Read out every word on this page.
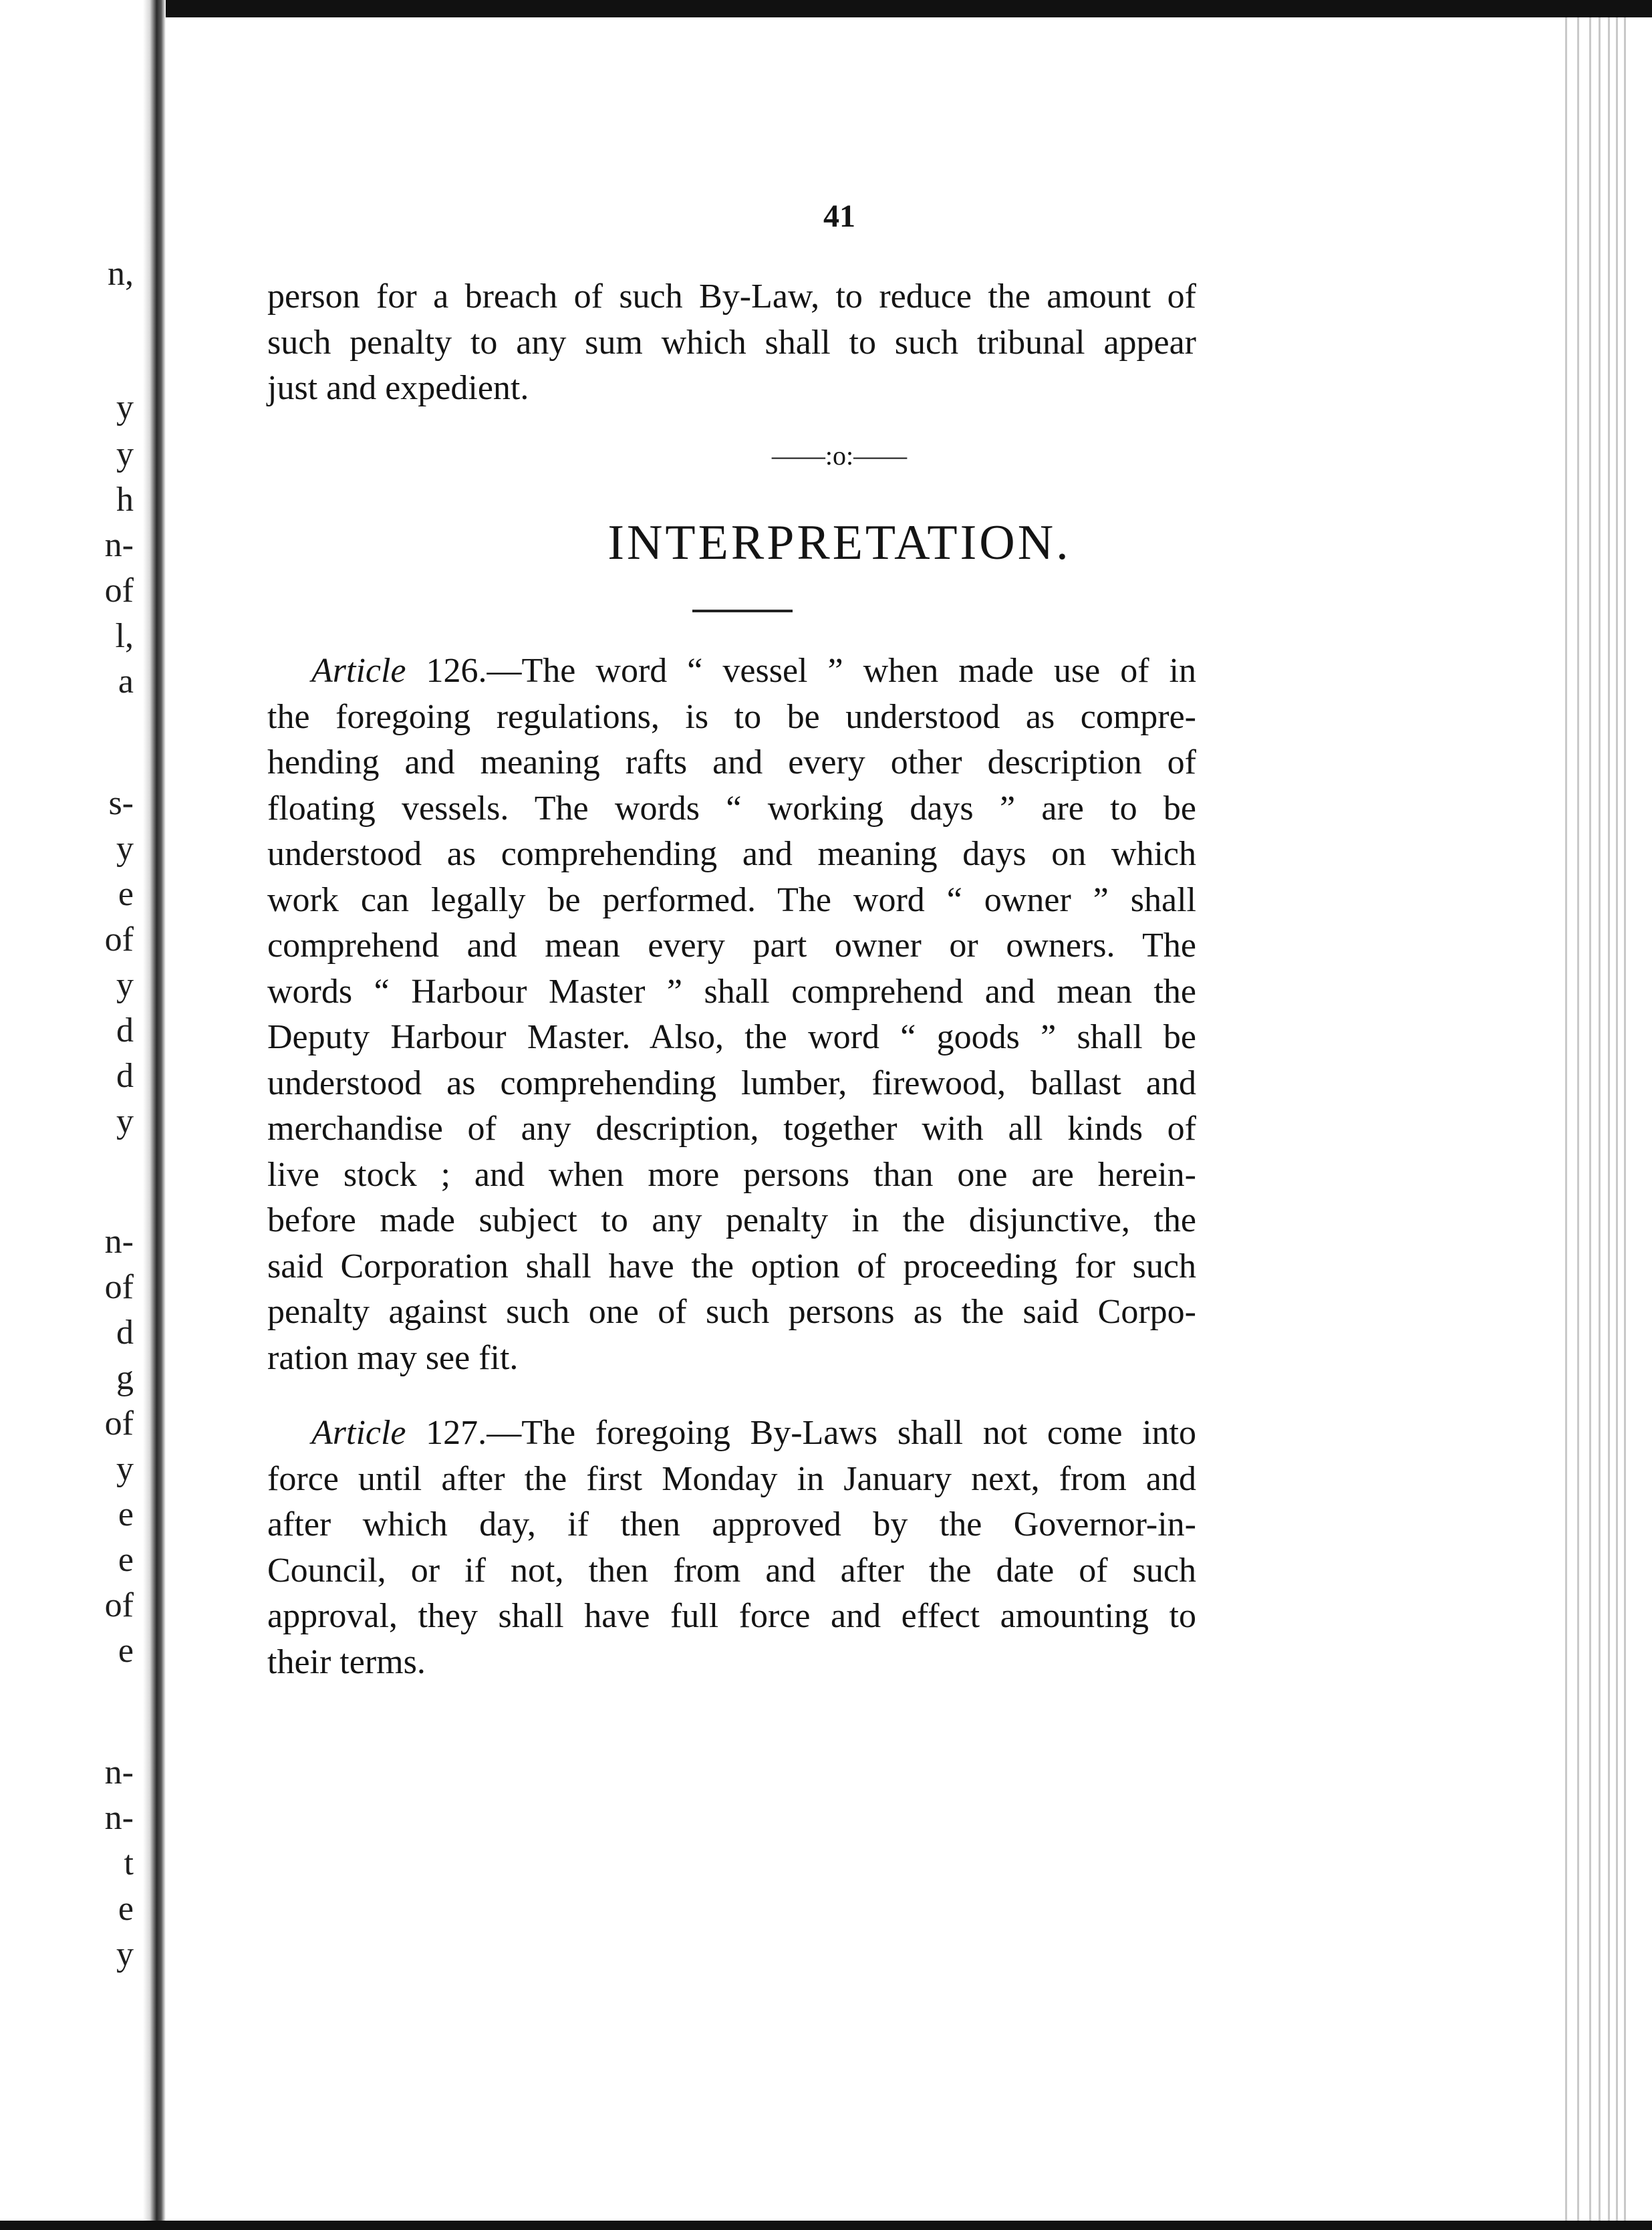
n,
y
y
h
n-
of
l,
a
s-
y
e
of
y
d
d
y
n-
of
d
g
of
y
e
e
of
e
n-
n-
t
e
y
41

person for a breach of such By-Law, to reduce the amount of
such penalty to any sum which shall to such tribunal appear
just and expedient.

——:o:——
INTERPRETATION.

Article 126.—The word “ vessel ” when made use of in
the foregoing regulations, is to be understood as compre-
hending and meaning rafts and every other description of
floating vessels. The words “ working days ” are to be
understood as comprehending and meaning days on which
work can legally be performed. The word “ owner ” shall
comprehend and mean every part owner or owners. The
words “ Harbour Master ” shall comprehend and mean the
Deputy Harbour Master. Also, the word “ goods ” shall be
understood as comprehending lumber, firewood, ballast and
merchandise of any description, together with all kinds of
live stock ; and when more persons than one are herein-
before made subject to any penalty in the disjunctive, the
said Corporation shall have the option of proceeding for such
penalty against such one of such persons as the said Corpo-
ration may see fit.

Article 127.—The foregoing By-Laws shall not come into
force until after the first Monday in January next, from and
after which day, if then approved by the Governor-in-
Council, or if not, then from and after the date of such
approval, they shall have full force and effect amounting to
their terms.
